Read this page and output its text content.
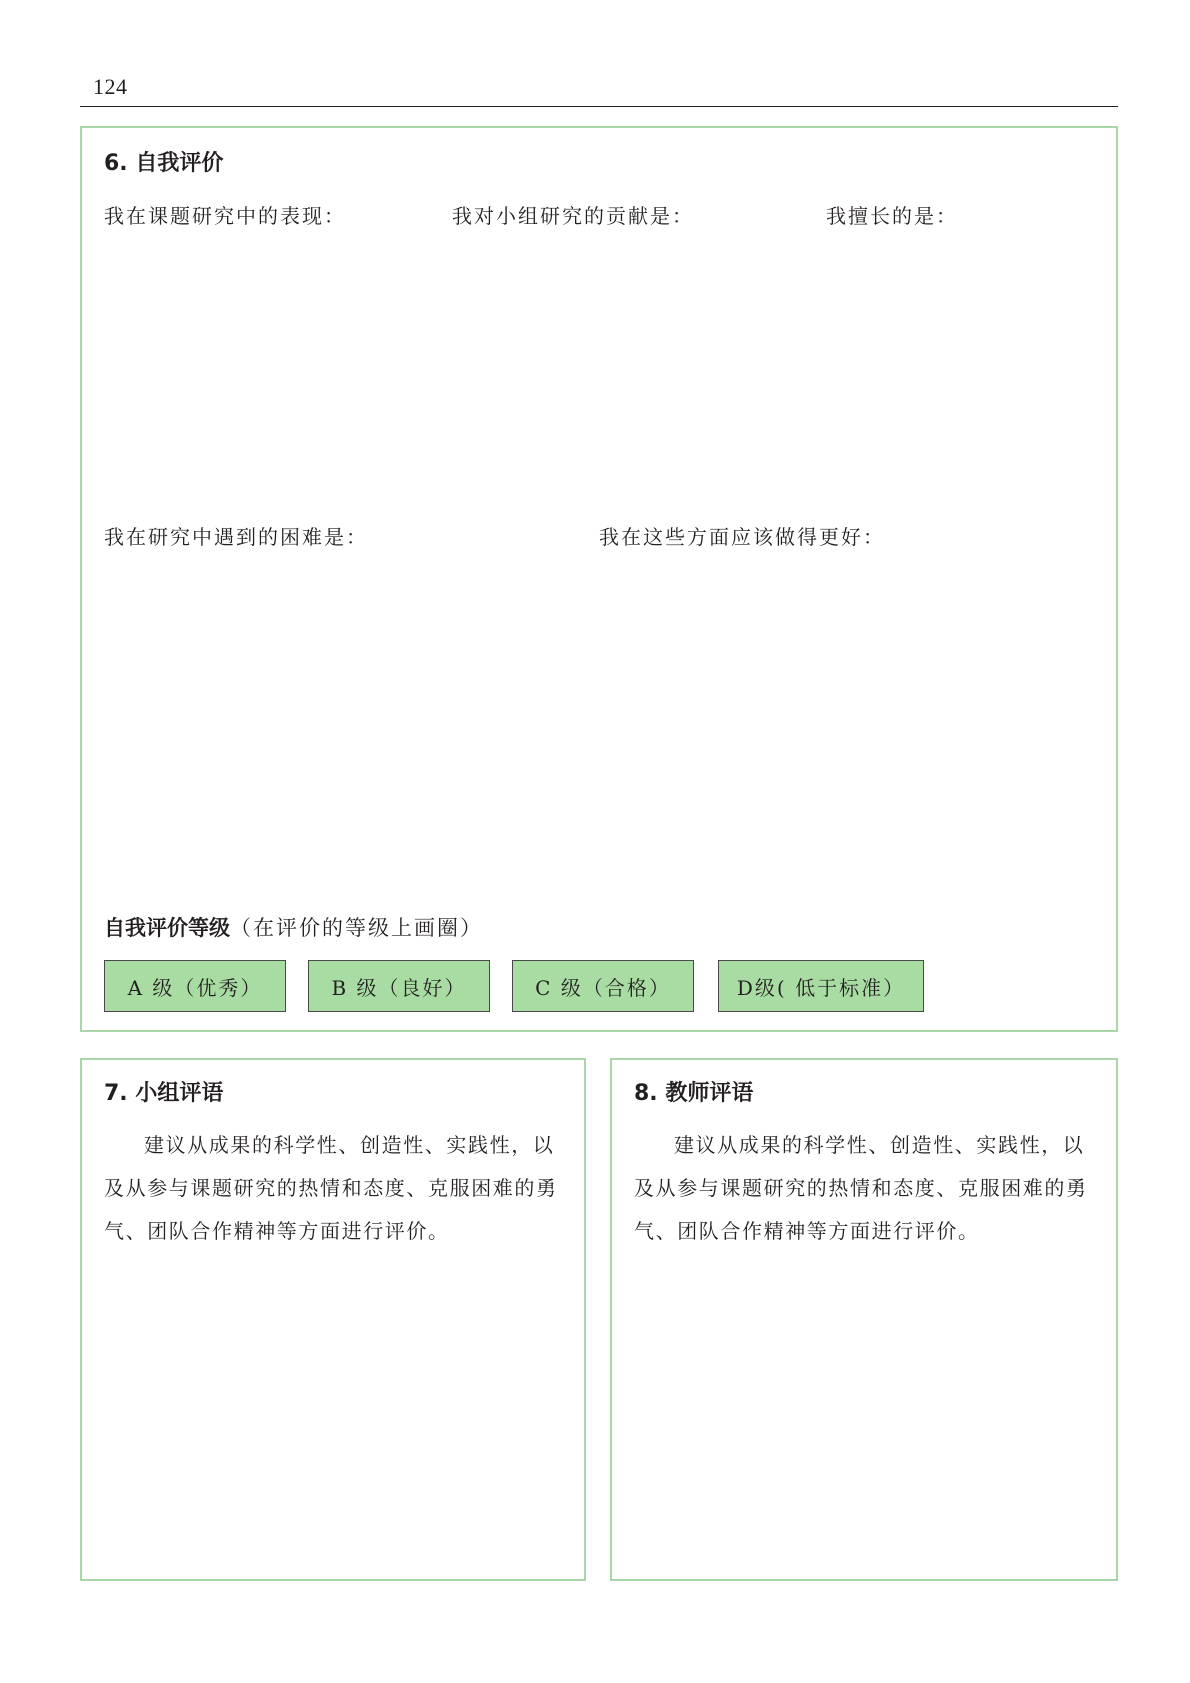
124
6. 自我评价
我在课题研究中的表现：	我对小组研究的贡献是：	我擅长的是：
我在研究中遇到的困难是：	我在这些方面应该做得更好：
自我评价等级（在评价的等级上画圈）
A 级（优秀）	B 级（良好）	C 级（合格）	D级( 低于标准）
7. 小组评语

建议从成果的科学性、创造性、实践性，以及从参与课题研究的热情和态度、克服困难的勇气、团队合作精神等方面进行评价。

8. 教师评语

建议从成果的科学性、创造性、实践性，以及从参与课题研究的热情和态度、克服困难的勇气、团队合作精神等方面进行评价。
